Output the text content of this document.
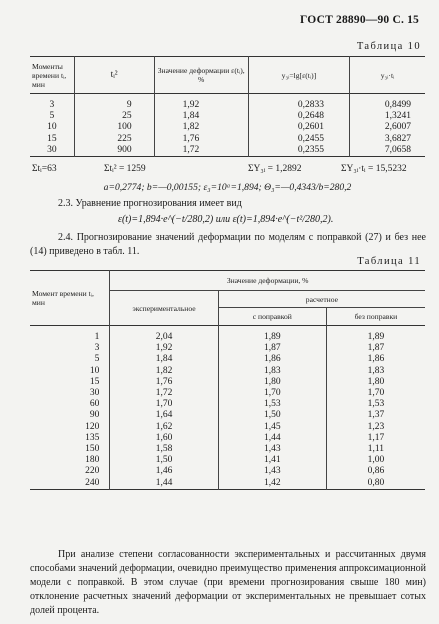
ГОСТ 28890—90 С. 15
Таблица 10
Моменты времени tᵢ, мин	tᵢ²	Значение деформации ε(tᵢ), %	y₃ᵢ=lg[ε(tᵢ)]	y₃ᵢ·tᵢ
3	9	1,92	0,2833	0,8499
5	25	1,84	0,2648	1,3241
10	100	1,82	0,2601	2,6007
15	225	1,76	0,2455	3,6827
30	900	1,72	0,2355	7,0658
Σtᵢ=63	Σtᵢ² = 1259	ΣY₃ᵢ = 1,2892	ΣY₃ᵢ·tᵢ = 15,5232
a=0,2774; b=—0,00155; ε₃=10ᵃ=1,894; Θ₃=—0,4343/b=280,2
2.3. Уравнение прогнозирования имеет вид
ε(t)=1,894·e^(−t/280,2) или ε(t)=1,894·e^(−t²/280,2).
2.4. Прогнозирование значений деформации по моделям с поправкой (27) и без нее (14) приведено в табл. 11.
Таблица 11
Момент времени tᵢ, мин	Значение деформации, %		
	экспериментальное	расчетное	
		с поправкой	без поправки
1	2,04	1,89	1,89
3	1,92	1,87	1,87
5	1,84	1,86	1,86
10	1,82	1,83	1,83
15	1,76	1,80	1,80
30	1,72	1,70	1,70
60	1,70	1,53	1,53
90	1,64	1,50	1,37
120	1,62	1,45	1,23
135	1,60	1,44	1,17
150	1,58	1,43	1,11
180	1,50	1,41	1,00
220	1,46	1,43	0,86
240	1,44	1,42	0,80
При анализе степени согласованности экспериментальных и рассчитанных двумя способами значений деформации, очевидно преимущество применения аппроксимационной модели с поправкой. В этом случае (при времени прогнозирования свыше 180 мин) отклонение расчетных значений деформации от экспериментальных не превышает сотых долей процента.
